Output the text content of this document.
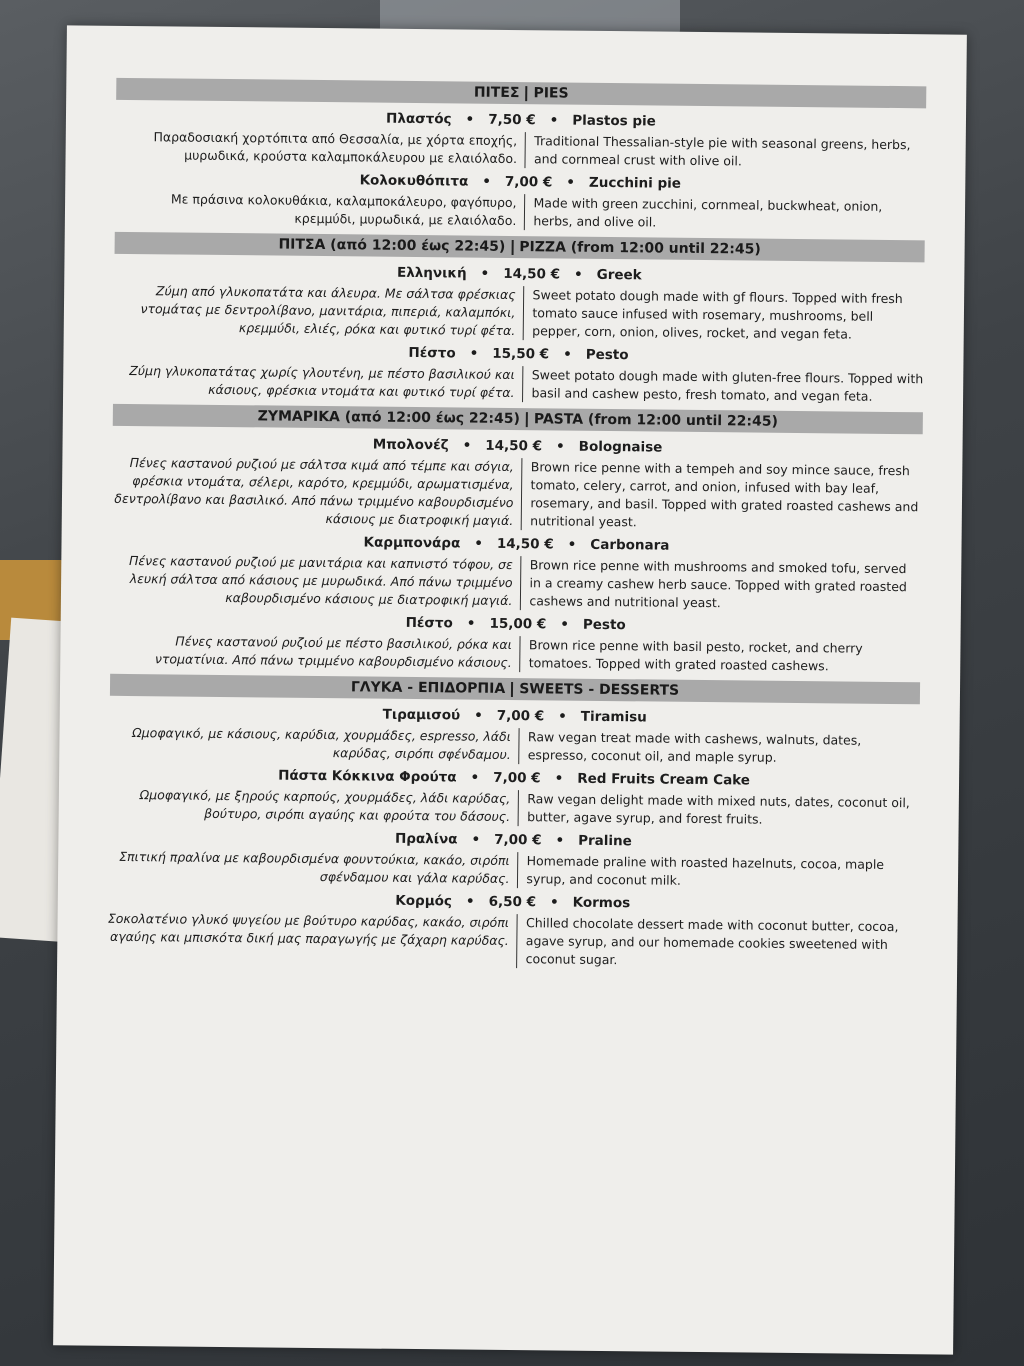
ΠΙΤΕΣ PIES
Πλαστός • 7,50 € • Plastos pie
Παραδοσιακή χορτόπιτα από Θεσσαλία, με χόρτα εποχής, μυρωδικά, κρούστα καλαμποκάλευρου με ελαιόλαδο.
Traditional Thessalian-style pie with seasonal greens, herbs, and cornmeal crust with olive oil.
Κολοκυθόπιτα • 7,00 € • Zucchini pie
Με πράσινα κολοκυθάκια, καλαμποκάλευρο, φαγόπυρο, κρεμμύδι, μυρωδικά, με ελαιόλαδο.
Made with green zucchini, cornmeal, buckwheat, onion, herbs, and olive oil.
ΠΙΤΣΑ (από 12:00 έως 22:45) PIZZA (from 12:00 until 22:45)
Ελληνική • 14,50 € • Greek
Ζύμη από γλυκοπατάτα και άλευρα. Με σάλτσα φρέσκιας ντομάτας με δεντρολίβανο, μανιτάρια, πιπεριά, καλαμπόκι, κρεμμύδι, ελιές, ρόκα και φυτικό τυρί φέτα.
Sweet potato dough made with gf flours. Topped with fresh tomato sauce infused with rosemary, mushrooms, bell pepper, corn, onion, olives, rocket, and vegan feta.
Πέστο • 15,50 € • Pesto
Ζύμη γλυκοπατάτας χωρίς γλουτένη, με πέστο βασιλικού και κάσιους, φρέσκια ντομάτα και φυτικό τυρί φέτα.
Sweet potato dough made with gluten-free flours. Topped with basil and cashew pesto, fresh tomato, and vegan feta.
ΖΥΜΑΡΙΚΑ (από 12:00 έως 22:45) PASTA (from 12:00 until 22:45)
Μπολονέζ • 14,50 € • Bolognaise
Πένες καστανού ρυζιού με σάλτσα κιμά από τέμπε και σόγια, φρέσκια ντομάτα, σέλερι, καρότο, κρεμμύδι, αρωματισμένα, δεντρολίβανο και βασιλικό. Από πάνω τριμμένο καβουρδισμένο κάσιους με διατροφική μαγιά.
Brown rice penne with a tempeh and soy mince sauce, fresh tomato, celery, carrot, and onion, infused with bay leaf, rosemary, and basil. Topped with grated roasted cashews and nutritional yeast.
Καρμπονάρα • 14,50 € • Carbonara
Πένες καστανού ρυζιού με μανιτάρια και καπνιστό τόφου, σε λευκή σάλτσα από κάσιους με μυρωδικά. Από πάνω τριμμένο καβουρδισμένο κάσιους με διατροφική μαγιά.
Brown rice penne with mushrooms and smoked tofu, served in a creamy cashew herb sauce. Topped with grated roasted cashews and nutritional yeast.
Πέστο • 15,00 € • Pesto
Πένες καστανού ρυζιού με πέστο βασιλικού, ρόκα και ντοματίνια. Από πάνω τριμμένο καβουρδισμένο κάσιους.
Brown rice penne with basil pesto, rocket, and cherry tomatoes. Topped with grated roasted cashews.
ΓΛΥΚΑ - ΕΠΙΔΟΡΠΙΑ SWEETS - DESSERTS
Τιραμισού • 7,00 € • Tiramisu
Ωμοφαγικό, με κάσιους, καρύδια, χουρμάδες, espresso, λάδι καρύδας, σιρόπι σφένδαμου.
Raw vegan treat made with cashews, walnuts, dates, espresso, coconut oil, and maple syrup.
Πάστα Κόκκινα Φρούτα • 7,00 € • Red Fruits Cream Cake
Ωμοφαγικό, με ξηρούς καρπούς, χουρμάδες, λάδι καρύδας, βούτυρο, σιρόπι αγαύης και φρούτα του δάσους.
Raw vegan delight made with mixed nuts, dates, coconut oil, butter, agave syrup, and forest fruits.
Πραλίνα • 7,00 € • Praline
Σπιτική πραλίνα με καβουρδισμένα φουντούκια, κακάο, σιρόπι σφένδαμου και γάλα καρύδας.
Homemade praline with roasted hazelnuts, cocoa, maple syrup, and coconut milk.
Κορμός • 6,50 € • Kormos
Σοκολατένιο γλυκό ψυγείου με βούτυρο καρύδας, κακάο, σιρόπι αγαύης και μπισκότα δική μας παραγωγής με ζάχαρη καρύδας.
Chilled chocolate dessert made with coconut butter, cocoa, agave syrup, and our homemade cookies sweetened with coconut sugar.
